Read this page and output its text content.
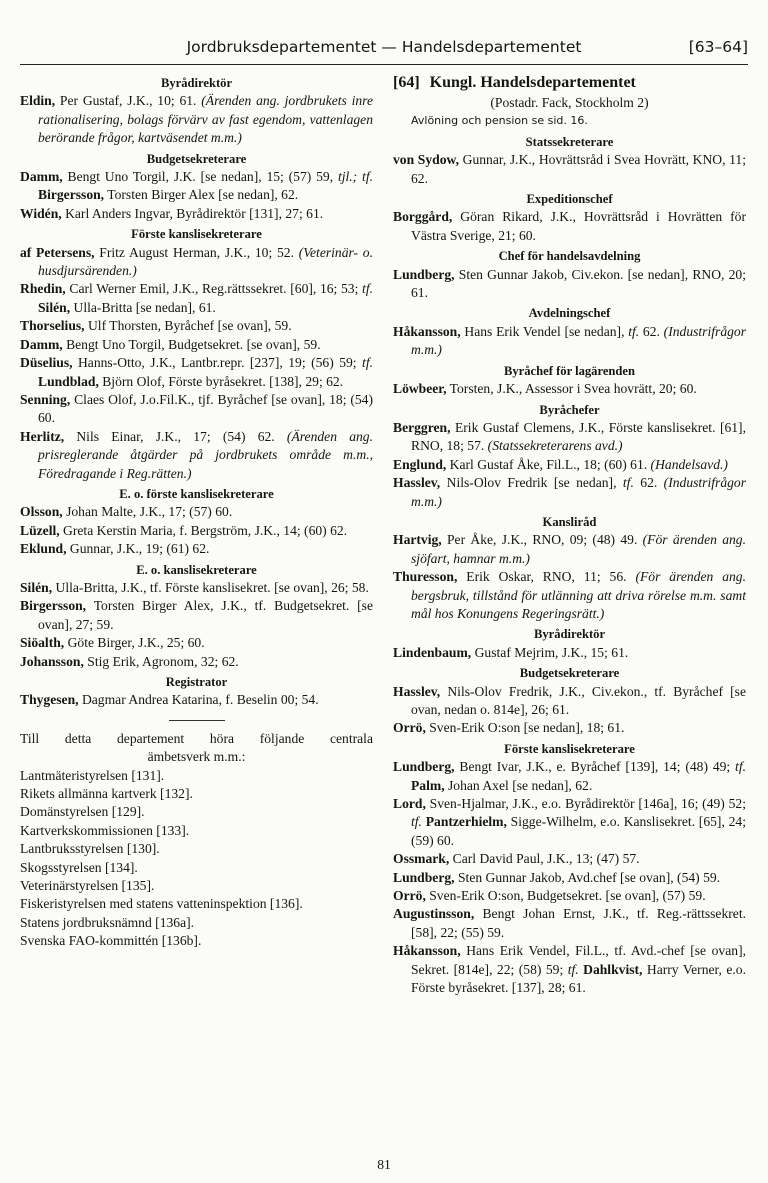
Jordbruksdepartementet — Handelsdepartementet	[63–64]
Byrådirektör
Eldin, Per Gustaf, J.K., 10; 61. (Ärenden ang. jordbrukets inre rationalisering, bolags förvärv av fast egendom, vattenlagen berörande frågor, kartväsendet m.m.)
Budgetsekreterare
Damm, Bengt Uno Torgil, J.K. [se nedan], 15; (57) 59, tjl.; tf. Birgersson, Torsten Birger Alex [se nedan], 62.
Widén, Karl Anders Ingvar, Byrådirektör [131], 27; 61.
Förste kanslisekreterare
af Petersens, Fritz August Herman, J.K., 10; 52. (Veterinär- o. husdjursärenden.)
Rhedin, Carl Werner Emil, J.K., Reg.rättssekret. [60], 16; 53; tf. Silén, Ulla-Britta [se nedan], 61.
Thorselius, Ulf Thorsten, Byråchef [se ovan], 59.
Damm, Bengt Uno Torgil, Budgetsekret. [se ovan], 59.
Düselius, Hanns-Otto, J.K., Lantbr.repr. [237], 19; (56) 59; tf. Lundblad, Björn Olof, Förste byråsekret. [138], 29; 62.
Senning, Claes Olof, J.o.Fil.K., tjf. Byråchef [se ovan], 18; (54) 60.
Herlitz, Nils Einar, J.K., 17; (54) 62. (Ärenden ang. prisreglerande åtgärder på jordbrukets område m.m., Föredragande i Reg.rätten.)
E. o. förste kanslisekreterare
Olsson, Johan Malte, J.K., 17; (57) 60.
Lüzell, Greta Kerstin Maria, f. Bergström, J.K., 14; (60) 62.
Eklund, Gunnar, J.K., 19; (61) 62.
E. o. kanslisekreterare
Silén, Ulla-Britta, J.K., tf. Förste kanslisekret. [se ovan], 26; 58.
Birgersson, Torsten Birger Alex, J.K., tf. Budgetsekret. [se ovan], 27; 59.
Siöalth, Göte Birger, J.K., 25; 60.
Johansson, Stig Erik, Agronom, 32; 62.
Registrator
Thygesen, Dagmar Andrea Katarina, f. Beselin 00; 54.
Till detta departement höra följande centrala
ämbetsverk m.m.:
Lantmäteristyrelsen [131].
Rikets allmänna kartverk [132].
Domänstyrelsen [129].
Kartverkskommissionen [133].
Lantbruksstyrelsen [130].
Skogsstyrelsen [134].
Veterinärstyrelsen [135].
Fiskeristyrelsen med statens vatteninspektion [136].
Statens jordbruksnämnd [136a].
Svenska FAO-kommittén [136b].
[64] Kungl. Handelsdepartementet
(Postadr. Fack, Stockholm 2)
Avlöning och pension se sid. 16.
Statssekreterare
von Sydow, Gunnar, J.K., Hovrättsråd i Svea Hovrätt, KNO, 11; 62.
Expeditionschef
Borggård, Göran Rikard, J.K., Hovrättsråd i Hovrätten för Västra Sverige, 21; 60.
Chef för handelsavdelning
Lundberg, Sten Gunnar Jakob, Civ.ekon. [se nedan], RNO, 20; 61.
Avdelningschef
Håkansson, Hans Erik Vendel [se nedan], tf. 62. (Industrifrågor m.m.)
Byråchef för lagärenden
Löwbeer, Torsten, J.K., Assessor i Svea hovrätt, 20; 60.
Byråchefer
Berggren, Erik Gustaf Clemens, J.K., Förste kanslisekret. [61], RNO, 18; 57. (Statssekreterarens avd.)
Englund, Karl Gustaf Åke, Fil.L., 18; (60) 61. (Handelsavd.)
Hasslev, Nils-Olov Fredrik [se nedan], tf. 62. (Industrifrågor m.m.)
Kansliråd
Hartvig, Per Åke, J.K., RNO, 09; (48) 49. (För ärenden ang. sjöfart, hamnar m.m.)
Thuresson, Erik Oskar, RNO, 11; 56. (För ärenden ang. bergsbruk, tillstånd för utlänning att driva rörelse m.m. samt mål hos Konungens Regeringsrätt.)
Byrådirektör
Lindenbaum, Gustaf Mejrim, J.K., 15; 61.
Budgetsekreterare
Hasslev, Nils-Olov Fredrik, J.K., Civ.ekon., tf. Byråchef [se ovan, nedan o. 814e], 26; 61.
Orrö, Sven-Erik O:son [se nedan], 18; 61.
Förste kanslisekreterare
Lundberg, Bengt Ivar, J.K., e. Byråchef [139], 14; (48) 49; tf. Palm, Johan Axel [se nedan], 62.
Lord, Sven-Hjalmar, J.K., e.o. Byrådirektör [146a], 16; (49) 52; tf. Pantzerhielm, Sigge-Wilhelm, e.o. Kanslisekret. [65], 24; (59) 60.
Ossmark, Carl David Paul, J.K., 13; (47) 57.
Lundberg, Sten Gunnar Jakob, Avd.chef [se ovan], (54) 59.
Orrö, Sven-Erik O:son, Budgetsekret. [se ovan], (57) 59.
Augustinsson, Bengt Johan Ernst, J.K., tf. Reg.-rättssekret. [58], 22; (55) 59.
Håkansson, Hans Erik Vendel, Fil.L., tf. Avd.-chef [se ovan], Sekret. [814e], 22; (58) 59; tf. Dahlkvist, Harry Verner, e.o. Förste byråsekret. [137], 28; 61.
81
